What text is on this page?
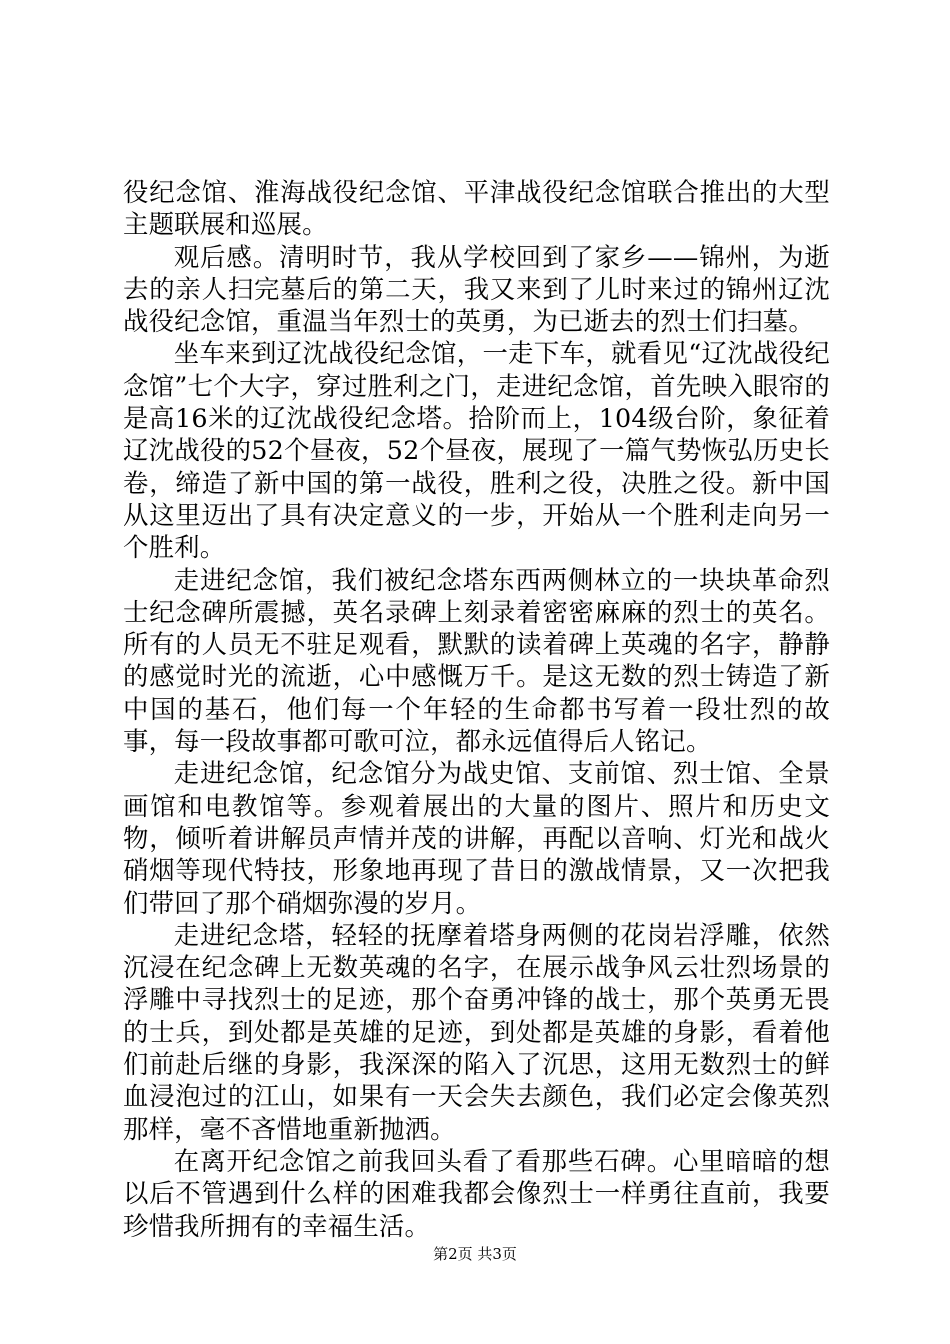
役纪念馆、淮海战役纪念馆、平津战役纪念馆联合推出的大型主题联展和巡展。

观后感。清明时节，我从学校回到了家乡——锦州，为逝去的亲人扫完墓后的第二天，我又来到了儿时来过的锦州辽沈战役纪念馆，重温当年烈士的英勇，为已逝去的烈士们扫墓。

坐车来到辽沈战役纪念馆，一走下车，就看见“辽沈战役纪念馆”七个大字，穿过胜利之门，走进纪念馆，首先映入眼帘的是高16米的辽沈战役纪念塔。拾阶而上，104级台阶，象征着辽沈战役的52个昼夜，52个昼夜，展现了一篇气势恢弘历史长卷，缔造了新中国的第一战役，胜利之役，决胜之役。新中国从这里迈出了具有决定意义的一步，开始从一个胜利走向另一个胜利。

走进纪念馆，我们被纪念塔东西两侧林立的一块块革命烈士纪念碑所震撼，英名录碑上刻录着密密麻麻的烈士的英名。所有的人员无不驻足观看，默默的读着碑上英魂的名字，静静的感觉时光的流逝，心中感慨万千。是这无数的烈士铸造了新中国的基石，他们每一个年轻的生命都书写着一段壮烈的故事，每一段故事都可歌可泣，都永远值得后人铭记。

走进纪念馆，纪念馆分为战史馆、支前馆、烈士馆、全景画馆和电教馆等。参观着展出的大量的图片、照片和历史文物，倾听着讲解员声情并茂的讲解，再配以音响、灯光和战火硝烟等现代特技，形象地再现了昔日的激战情景，又一次把我们带回了那个硝烟弥漫的岁月。

走进纪念塔，轻轻的抚摩着塔身两侧的花岗岩浮雕，依然沉浸在纪念碑上无数英魂的名字，在展示战争风云壮烈场景的浮雕中寻找烈士的足迹，那个奋勇冲锋的战士，那个英勇无畏的士兵，到处都是英雄的足迹，到处都是英雄的身影，看着他们前赴后继的身影，我深深的陷入了沉思，这用无数烈士的鲜血浸泡过的江山，如果有一天会失去颜色，我们必定会像英烈那样，毫不吝惜地重新抛洒。

在离开纪念馆之前我回头看了看那些石碑。心里暗暗的想以后不管遇到什么样的困难我都会像烈士一样勇往直前，我要珍惜我所拥有的幸福生活。

第2页 共3页
